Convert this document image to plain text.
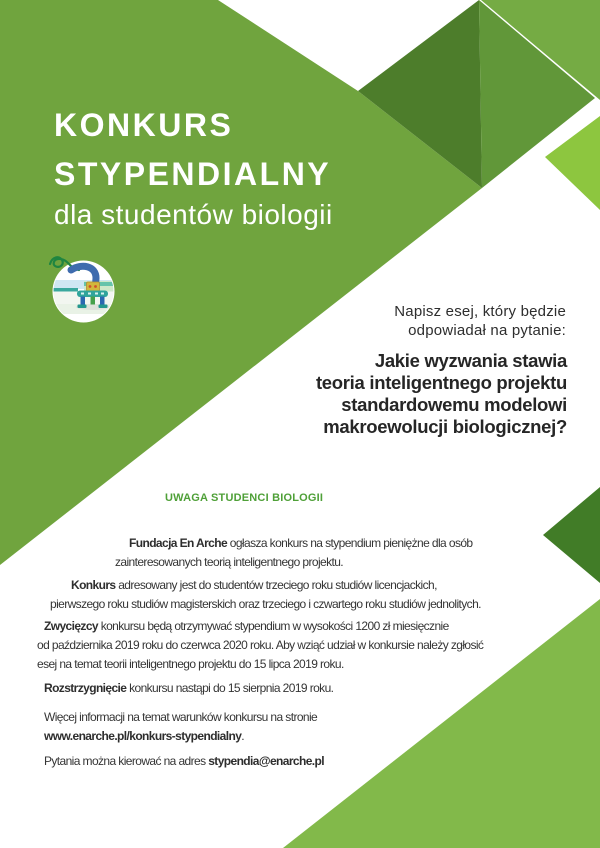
KONKURS
STYPENDIALNY
dla studentów biologii
Napisz esej, który będzie
odpowiadał na pytanie:
Jakie wyzwania stawia
teoria inteligentnego projektu
standardowemu modelowi
makroewolucji biologicznej?
UWAGA STUDENCI BIOLOGII

Fundacja En Arche ogłasza konkurs na stypendium pieniężne dla osób
zainteresowanych teorią inteligentnego projektu.

Konkurs adresowany jest do studentów trzeciego roku studiów licencjackich,
pierwszego roku studiów magisterskich oraz trzeciego i czwartego roku studiów jednolitych.

Zwycięzcy konkursu będą otrzymywać stypendium w wysokości 1200 zł miesięcznie
od października 2019 roku do czerwca 2020 roku. Aby wziąć udział w konkursie należy zgłosić
esej na temat teorii inteligentnego projektu do 15 lipca 2019 roku.

Rozstrzygnięcie konkursu nastąpi do 15 sierpnia 2019 roku.

Więcej informacji na temat warunków konkursu na stronie
www.enarche.pl/konkurs-stypendialny.

Pytania można kierować na adres stypendia@enarche.pl
